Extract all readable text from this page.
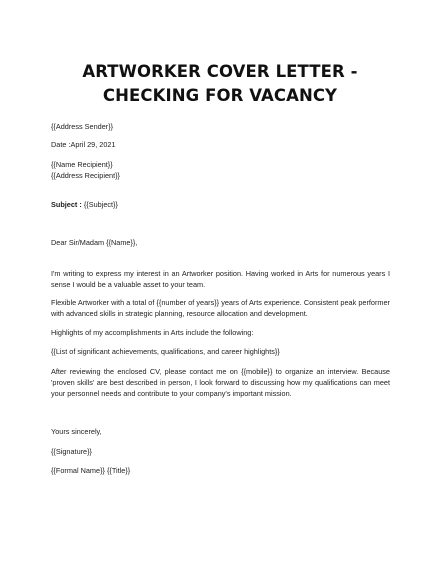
ARTWORKER COVER LETTER - CHECKING FOR VACANCY
{{Address Sender}}
Date :April 29, 2021
{{Name Recipient}}
{{Address Recipient}}
Subject : {{Subject}}
Dear Sir/Madam {{Name}},
I'm writing to express my interest in an Artworker position. Having worked in Arts for numerous years I sense I would be a valuable asset to your team.
Flexible Artworker with a total of {{number of years}} years of Arts experience. Consistent peak performer with advanced skills in strategic planning, resource allocation and development.
Highlights of my accomplishments in Arts include the following:
{{List of significant achievements, qualifications, and career highlights}}
After reviewing the enclosed CV, please contact me on {{mobile}} to organize an interview. Because 'proven skills' are best described in person, I look forward to discussing how my qualifications can meet your personnel needs and contribute to your company's important mission.
Yours sincerely,
{{Signature}}
{{Formal Name}} {{Title}}
